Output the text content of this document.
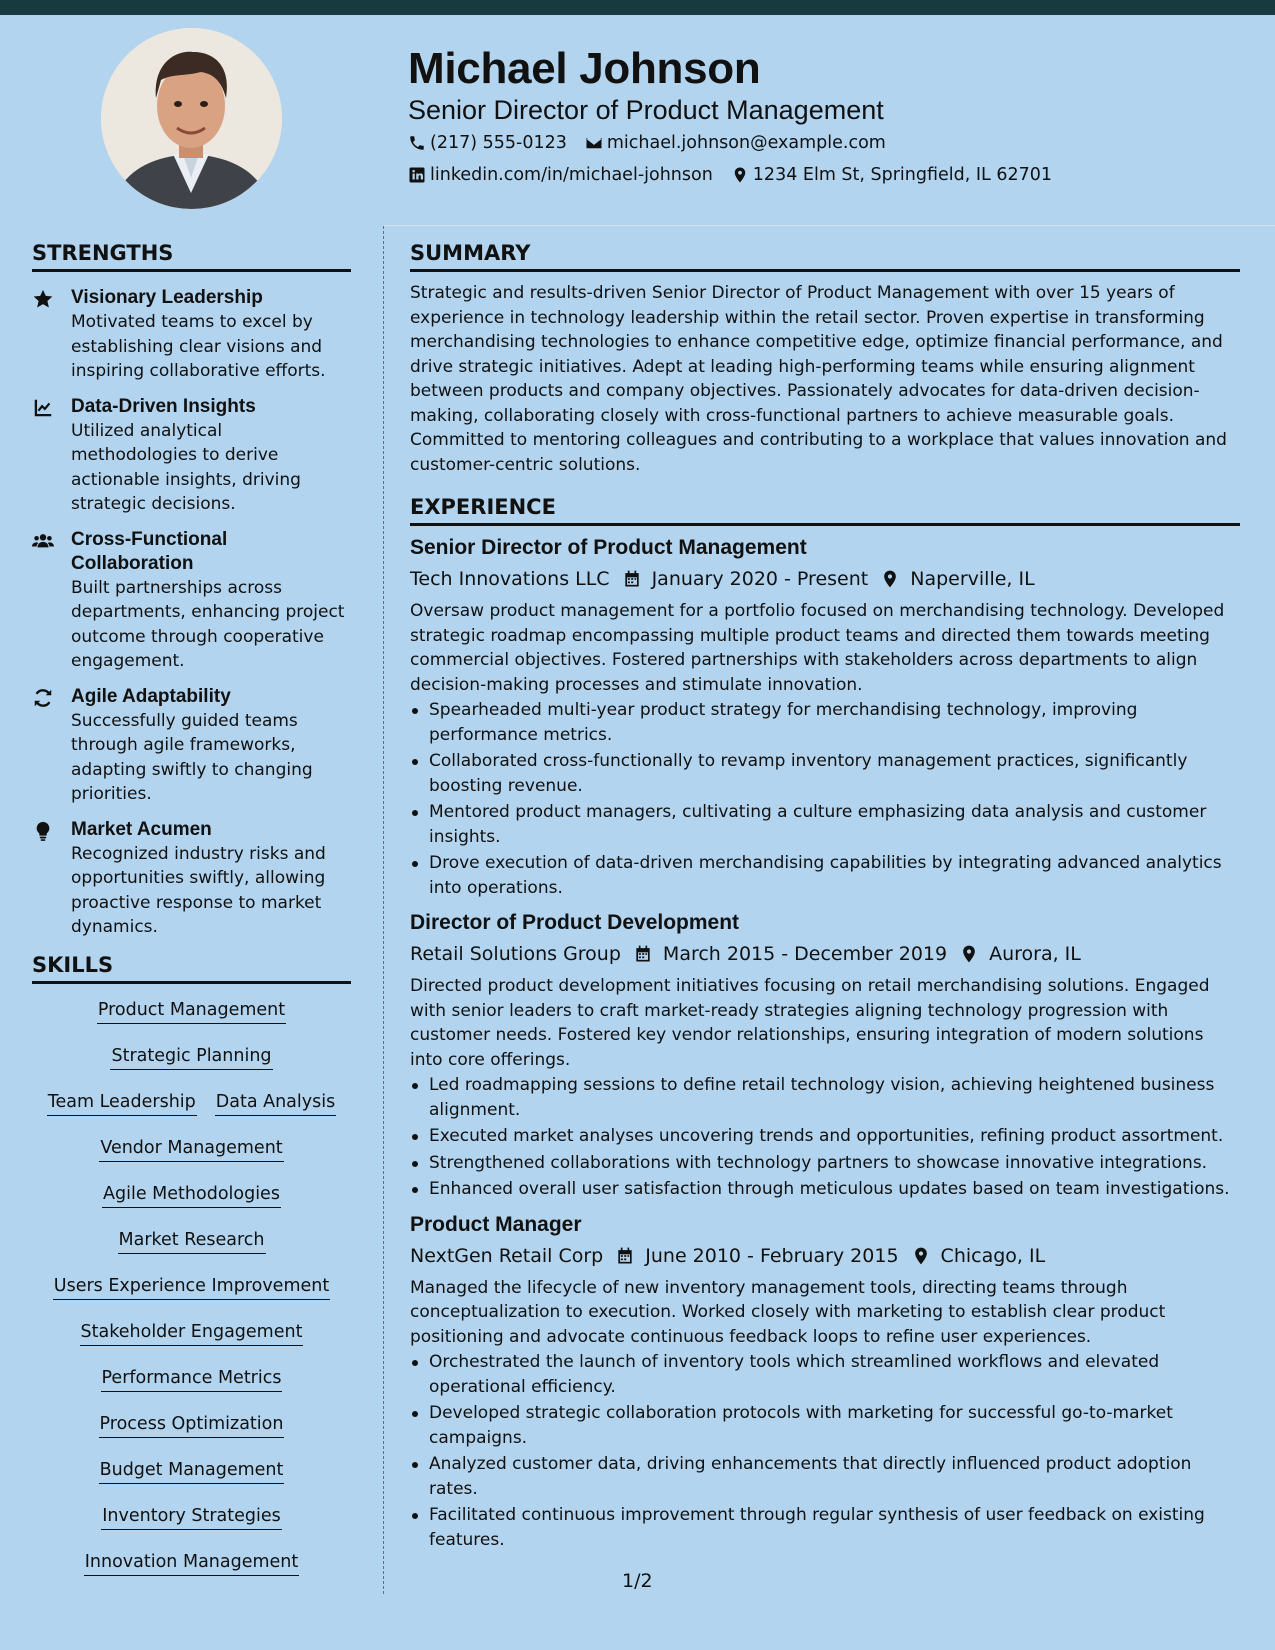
Michael Johnson
Senior Director of Product Management
(217) 555-0123 michael.johnson@example.com
linkedin.com/in/michael-johnson 1234 Elm St, Springfield, IL 62701
STRENGTHS
Visionary Leadership
Motivated teams to excel by establishing clear visions and inspiring collaborative efforts.
Data-Driven Insights
Utilized analytical methodologies to derive actionable insights, driving strategic decisions.
Cross-Functional Collaboration
Built partnerships across departments, enhancing project outcome through cooperative engagement.
Agile Adaptability
Successfully guided teams through agile frameworks, adapting swiftly to changing priorities.
Market Acumen
Recognized industry risks and opportunities swiftly, allowing proactive response to market dynamics.
SKILLS
Product Management
Strategic Planning
Team Leadership Data Analysis
Vendor Management
Agile Methodologies
Market Research
Users Experience Improvement
Stakeholder Engagement
Performance Metrics
Process Optimization
Budget Management
Inventory Strategies
Innovation Management
SUMMARY
Strategic and results-driven Senior Director of Product Management with over 15 years of experience in technology leadership within the retail sector. Proven expertise in transforming merchandising technologies to enhance competitive edge, optimize financial performance, and drive strategic initiatives. Adept at leading high-performing teams while ensuring alignment between products and company objectives. Passionately advocates for data-driven decision-making, collaborating closely with cross-functional partners to achieve measurable goals. Committed to mentoring colleagues and contributing to a workplace that values innovation and customer-centric solutions.
EXPERIENCE
Senior Director of Product Management
Tech Innovations LLC January 2020 - Present Naperville, IL
Oversaw product management for a portfolio focused on merchandising technology. Developed strategic roadmap encompassing multiple product teams and directed them towards meeting commercial objectives. Fostered partnerships with stakeholders across departments to align decision-making processes and stimulate innovation.
Spearheaded multi-year product strategy for merchandising technology, improving performance metrics.
Collaborated cross-functionally to revamp inventory management practices, significantly boosting revenue.
Mentored product managers, cultivating a culture emphasizing data analysis and customer insights.
Drove execution of data-driven merchandising capabilities by integrating advanced analytics into operations.
Director of Product Development
Retail Solutions Group March 2015 - December 2019 Aurora, IL
Directed product development initiatives focusing on retail merchandising solutions. Engaged with senior leaders to craft market-ready strategies aligning technology progression with customer needs. Fostered key vendor relationships, ensuring integration of modern solutions into core offerings.
Led roadmapping sessions to define retail technology vision, achieving heightened business alignment.
Executed market analyses uncovering trends and opportunities, refining product assortment.
Strengthened collaborations with technology partners to showcase innovative integrations.
Enhanced overall user satisfaction through meticulous updates based on team investigations.
Product Manager
NextGen Retail Corp June 2010 - February 2015 Chicago, IL
Managed the lifecycle of new inventory management tools, directing teams through conceptualization to execution. Worked closely with marketing to establish clear product positioning and advocate continuous feedback loops to refine user experiences.
Orchestrated the launch of inventory tools which streamlined workflows and elevated operational efficiency.
Developed strategic collaboration protocols with marketing for successful go-to-market campaigns.
Analyzed customer data, driving enhancements that directly influenced product adoption rates.
Facilitated continuous improvement through regular synthesis of user feedback on existing features.
1/2
